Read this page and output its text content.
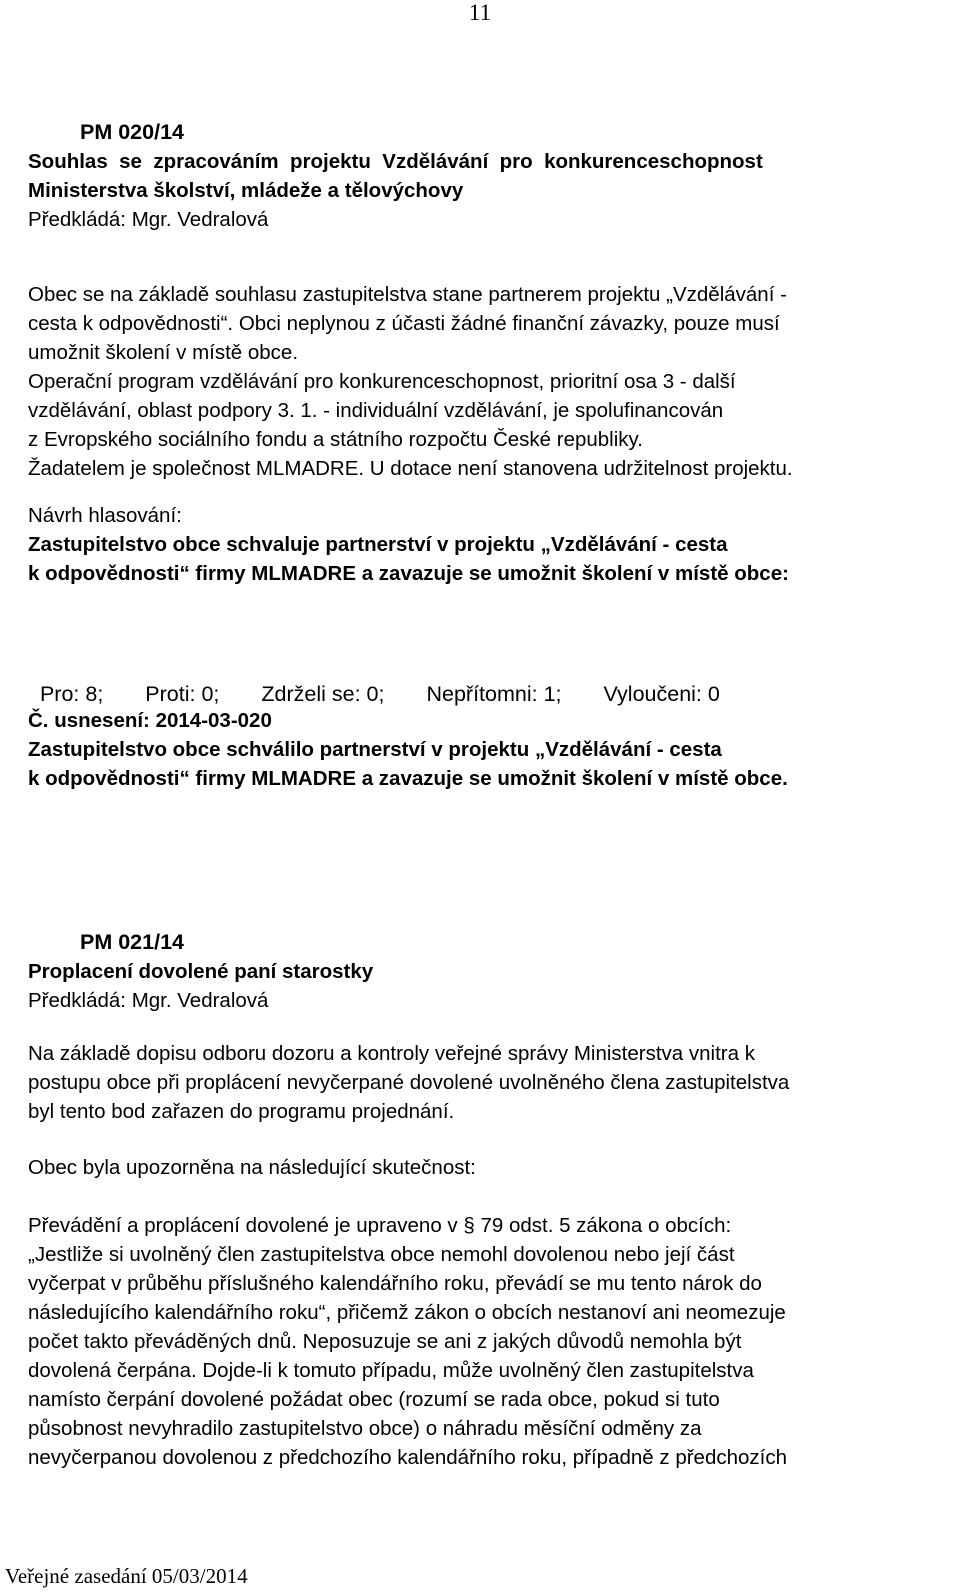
11
PM 020/14
Souhlas  se  zpracováním  projektu  Vzdělávání  pro  konkurenceschopnost
Ministerstva školství, mládeže a tělovýchovy
Předkládá: Mgr. Vedralová
Obec se na základě souhlasu zastupitelstva stane partnerem projektu „Vzdělávání -
cesta k odpovědnosti“. Obci neplynou z účasti žádné finanční závazky, pouze musí
umožnit školení v místě obce.
Operační program vzdělávání pro konkurenceschopnost, prioritní osa 3 - další
vzdělávání, oblast podpory 3. 1. - individuální vzdělávání, je spolufinancován
z Evropského sociálního fondu a státního rozpočtu České republiky.
Žadatelem je společnost MLMADRE. U dotace není stanovena udržitelnost projektu.
Návrh hlasování:
Zastupitelstvo obce schvaluje partnerství v projektu „Vzdělávání - cesta
k odpovědnosti“ firmy MLMADRE a zavazuje se umožnit školení v místě obce:

Pro: 8; Proti: 0; Zdrželi se: 0; Nepřítomni: 1; Vyloučeni: 0

Č. usnesení: 2014-03-020
Zastupitelstvo obce schválilo partnerství v projektu „Vzdělávání - cesta
k odpovědnosti“ firmy MLMADRE a zavazuje se umožnit školení v místě obce.
PM 021/14
Proplacení dovolené paní starostky
Předkládá: Mgr. Vedralová
Na základě dopisu odboru dozoru a kontroly veřejné správy Ministerstva vnitra k
postupu obce při proplácení nevyčerpané dovolené uvolněného člena zastupitelstva
byl tento bod zařazen do programu projednání.
Obec byla upozorněna na následující skutečnost:
Převádění a proplácení dovolené je upraveno v § 79 odst. 5 zákona o obcích:
„Jestliže si uvolněný člen zastupitelstva obce nemohl dovolenou nebo její část
vyčerpat v průběhu příslušného kalendářního roku, převádí se mu tento nárok do
následujícího kalendářního roku“, přičemž zákon o obcích nestanoví ani neomezuje
počet takto převáděných dnů. Neposuzuje se ani z jakých důvodů nemohla být
dovolená čerpána. Dojde-li k tomuto případu, může uvolněný člen zastupitelstva
namísto čerpání dovolené požádat obec (rozumí se rada obce, pokud si tuto
působnost nevyhradilo zastupitelstvo obce) o náhradu měsíční odměny za
nevyčerpanou dovolenou z předchozího kalendářního roku, případně z předchozích
Veřejné zasedání 05/03/2014
